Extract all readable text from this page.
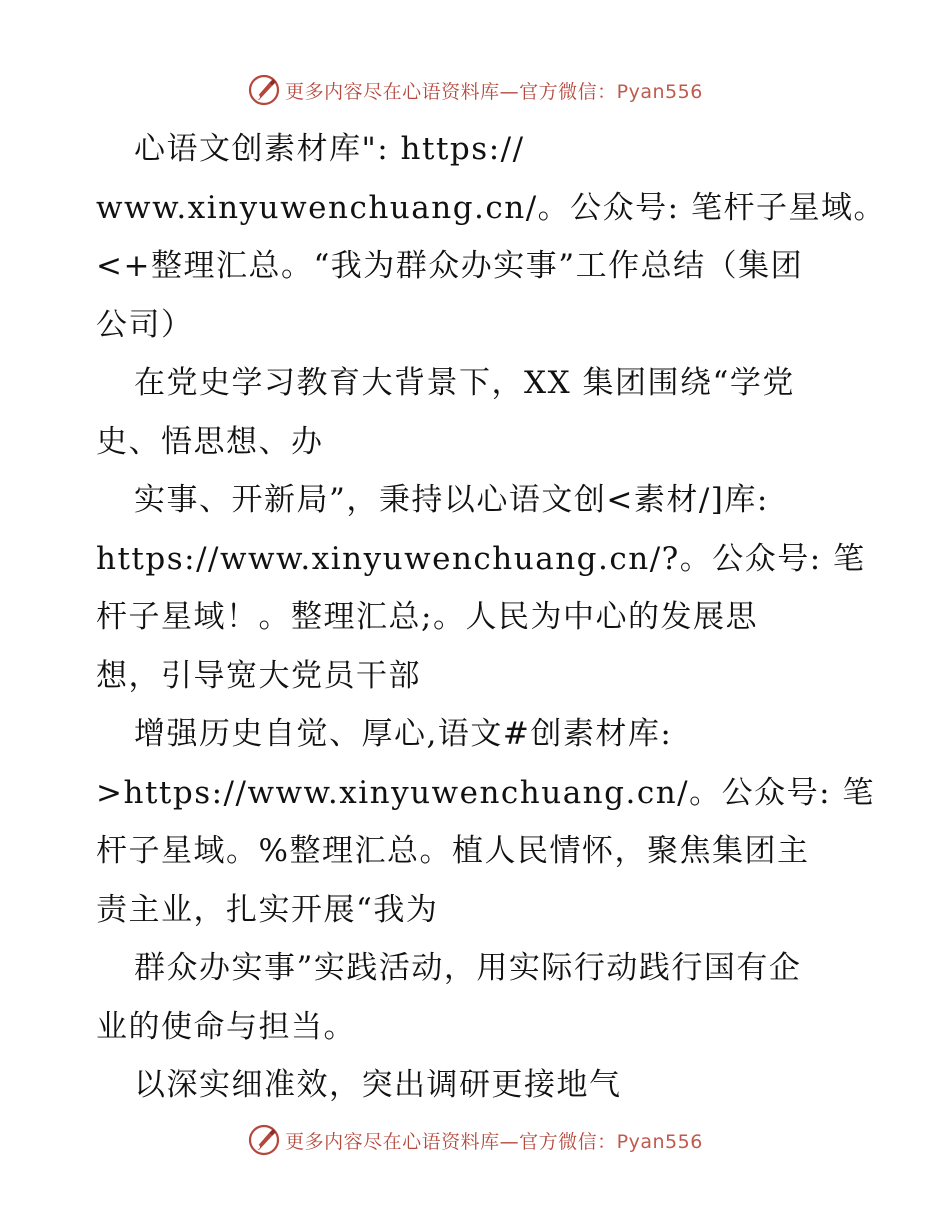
更多内容尽在心语资料库—官方微信：Pyan556
心语文创素材库": https://
www.xinyuwenchuang.cn/。公众号: 笔杆子星域。
<+整理汇总。“我为群众办实事”工作总结（集团
公司）
在党史学习教育大背景下，XX 集团围绕“学党
史、悟思想、办
实事、开新局”，秉持以心语文创<素材/]库:
https://www.xinyuwenchuang.cn/?。公众号: 笔
杆子星域！。整理汇总;。人民为中心的发展思
想，引导宽大党员干部
增强历史自觉、厚心,语文#创素材库:
>https://www.xinyuwenchuang.cn/。公众号: 笔
杆子星域。%整理汇总。植人民情怀，聚焦集团主
责主业，扎实开展“我为
群众办实事”实践活动，用实际行动践行国有企
业的使命与担当。
以深实细准效，突出调研更接地气
更多内容尽在心语资料库—官方微信：Pyan556
